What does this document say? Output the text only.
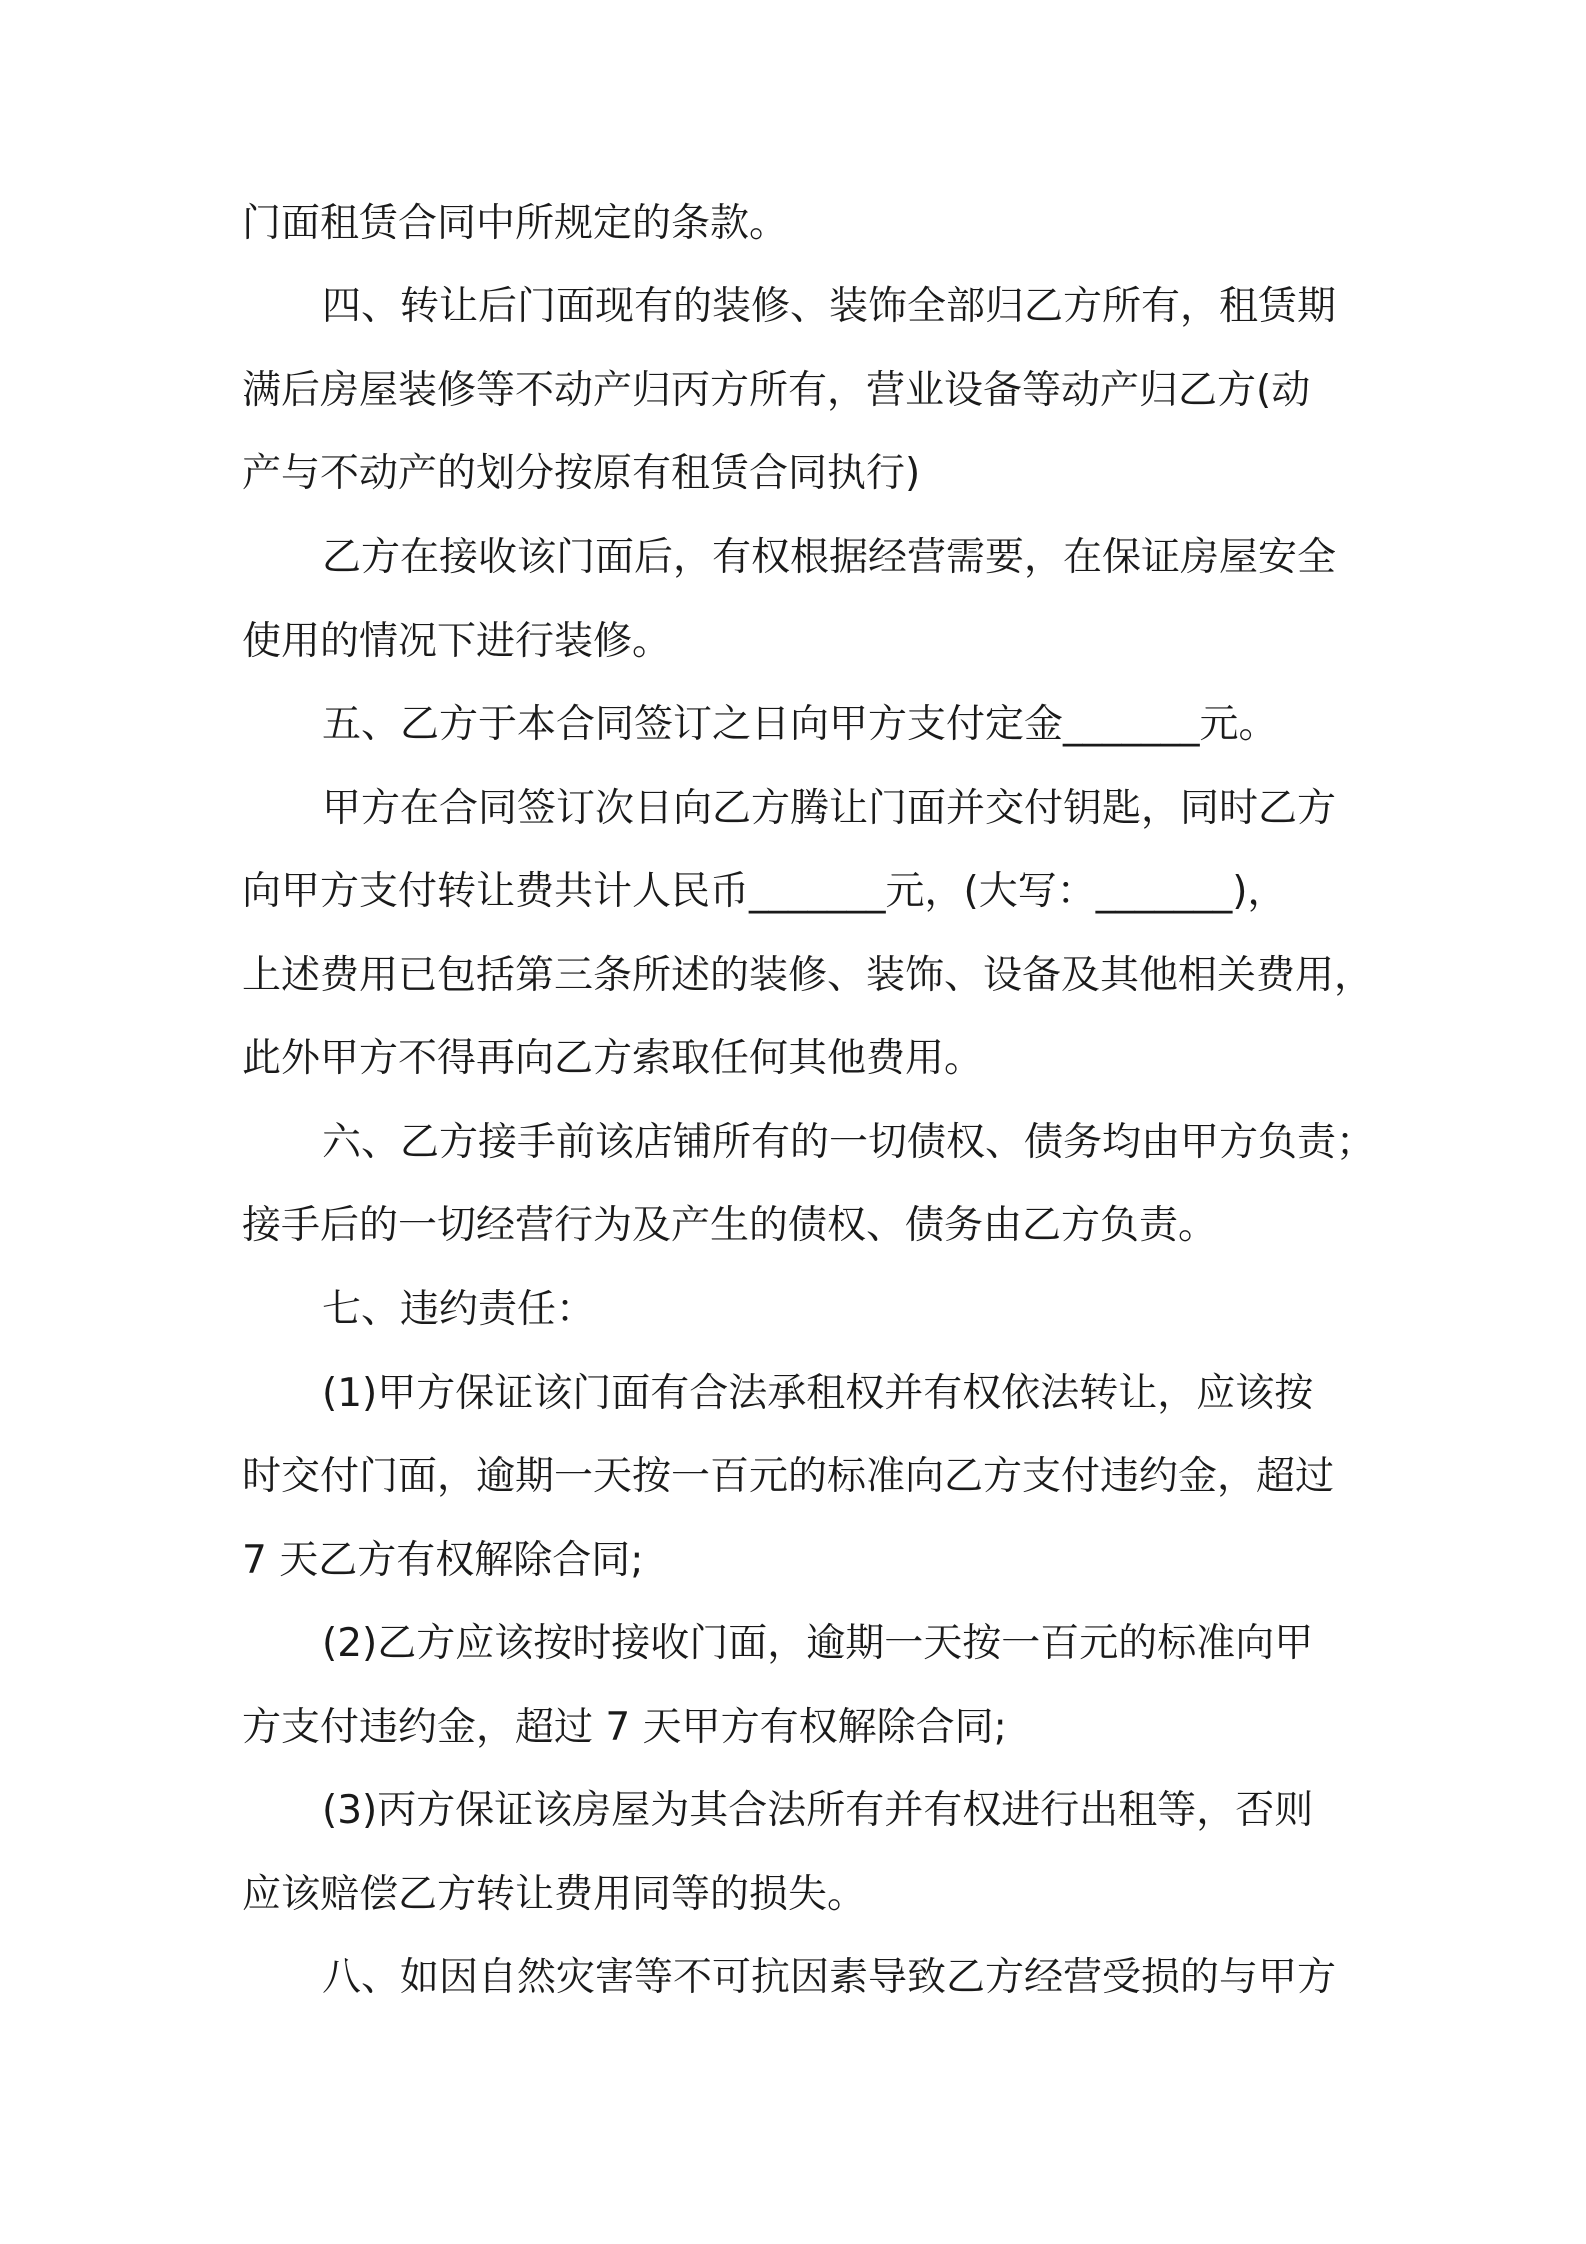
门面租赁合同中所规定的条款。
四、转让后门面现有的装修、装饰全部归乙方所有，租赁期
满后房屋装修等不动产归丙方所有，营业设备等动产归乙方(动
产与不动产的划分按原有租赁合同执行)
乙方在接收该门面后，有权根据经营需要，在保证房屋安全
使用的情况下进行装修。
五、乙方于本合同签订之日向甲方支付定金_______元。
甲方在合同签订次日向乙方腾让门面并交付钥匙，同时乙方
向甲方支付转让费共计人民币_______元，(大写：_______)，
上述费用已包括第三条所述的装修、装饰、设备及其他相关费用，
此外甲方不得再向乙方索取任何其他费用。
六、乙方接手前该店铺所有的一切债权、债务均由甲方负责；
接手后的一切经营行为及产生的债权、债务由乙方负责。
七、违约责任：
(1)甲方保证该门面有合法承租权并有权依法转让，应该按
时交付门面，逾期一天按一百元的标准向乙方支付违约金，超过
7 天乙方有权解除合同;
(2)乙方应该按时接收门面，逾期一天按一百元的标准向甲
方支付违约金，超过 7 天甲方有权解除合同;
(3)丙方保证该房屋为其合法所有并有权进行出租等，否则
应该赔偿乙方转让费用同等的损失。
八、如因自然灾害等不可抗因素导致乙方经营受损的与甲方
